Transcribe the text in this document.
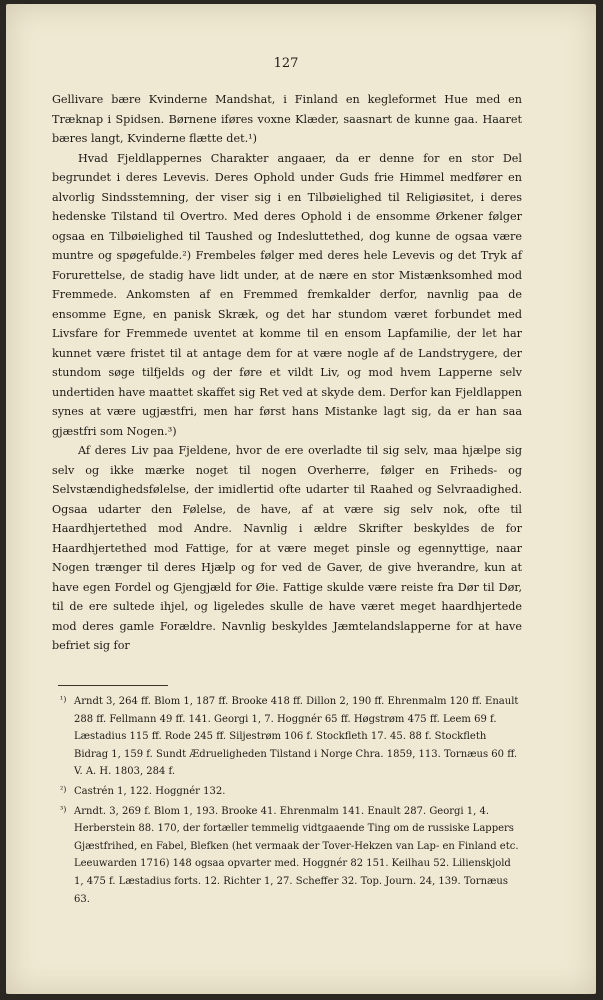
127

Gellivare bære Kvinderne Mandshat, i Finland en kegleformet Hue med en Træknap i Spidsen. Børnene iføres voxne Klæder, saasnart de kunne gaa. Haaret bæres langt, Kvinderne flætte det.¹)

Hvad Fjeldlappernes Charakter angaaer, da er denne for en stor Del begrundet i deres Levevis. Deres Ophold under Guds frie Himmel medfører en alvorlig Sindsstemning, der viser sig i en Tilbøielighed til Religiøsitet, i deres hedenske Tilstand til Overtro. Med deres Ophold i de ensomme Ørkener følger ogsaa en Tilbøielighed til Taushed og Indesluttethed, dog kunne de ogsaa være muntre og spøgefulde.²) Frembeles følger med deres hele Levevis og det Tryk af Forurettelse, de stadig have lidt under, at de nære en stor Mistænksomhed mod Fremmede. Ankomsten af en Fremmed fremkalder derfor, navnlig paa de ensomme Egne, en panisk Skræk, og det har stundom været forbundet med Livsfare for Fremmede uventet at komme til en ensom Lapfamilie, der let har kunnet være fristet til at antage dem for at være nogle af de Landstrygere, der stundom søge tilfjelds og der føre et vildt Liv, og mod hvem Lapperne selv undertiden have maattet skaffet sig Ret ved at skyde dem. Derfor kan Fjeldlappen synes at være ugjæstfri, men har først hans Mistanke lagt sig, da er han saa gjæstfri som Nogen.³)

Af deres Liv paa Fjeldene, hvor de ere overladte til sig selv, maa hjælpe sig selv og ikke mærke noget til nogen Overherre, følger en Friheds- og Selvstændighedsfølelse, der imidlertid ofte udarter til Raahed og Selvraadighed. Ogsaa udarter den Følelse, de have, af at være sig selv nok, ofte til Haardhjertethed mod Andre. Navnlig i ældre Skrifter beskyldes de for Haardhjertethed mod Fattige, for at være meget pinsle og egennyttige, naar Nogen trænger til deres Hjælp og for ved de Gaver, de give hverandre, kun at have egen Fordel og Gjengjæld for Øie. Fattige skulde være reiste fra Dør til Dør, til de ere sultede ihjel, og ligeledes skulle de have været meget haardhjertede mod deres gamle Forældre. Navnlig beskyldes Jæmtelandslapperne for at have befriet sig for

¹) Arndt 3, 264 ff. Blom 1, 187 ff. Brooke 418 ff. Dillon 2, 190 ff. Ehrenmalm 120 ff. Enault 288 ff. Fellmann 49 ff. 141. Georgi 1, 7. Hoggnér 65 ff. Høgstrøm 475 ff. Leem 69 f. Læstadius 115 ff. Rode 245 ff. Siljestrøm 106 f. Stockfleth 17. 45. 88 f. Stockfleth Bidrag 1, 159 f. Sundt Ædrueligheden Tilstand i Norge Chra. 1859, 113. Tornæus 60 ff. V. A. H. 1803, 284 f.
²) Castrén 1, 122. Hoggnér 132.
³) Arndt. 3, 269 f. Blom 1, 193. Brooke 41. Ehrenmalm 141. Enault 287. Georgi 1, 4. Herberstein 88. 170, der fortæller temmelig vidtgaaende Ting om de russiske Lappers Gjæstfrihed, en Fabel, Blefken (het vermaak der Tover-Hekzen van Lap- en Finland etc. Leeuwarden 1716) 148 ogsaa opvarter med. Hoggnér 82 151. Keilhau 52. Lilienskjold 1, 475 f. Læstadius forts. 12. Richter 1, 27. Scheffer 32. Top. Journ. 24, 139. Tornæus 63.
